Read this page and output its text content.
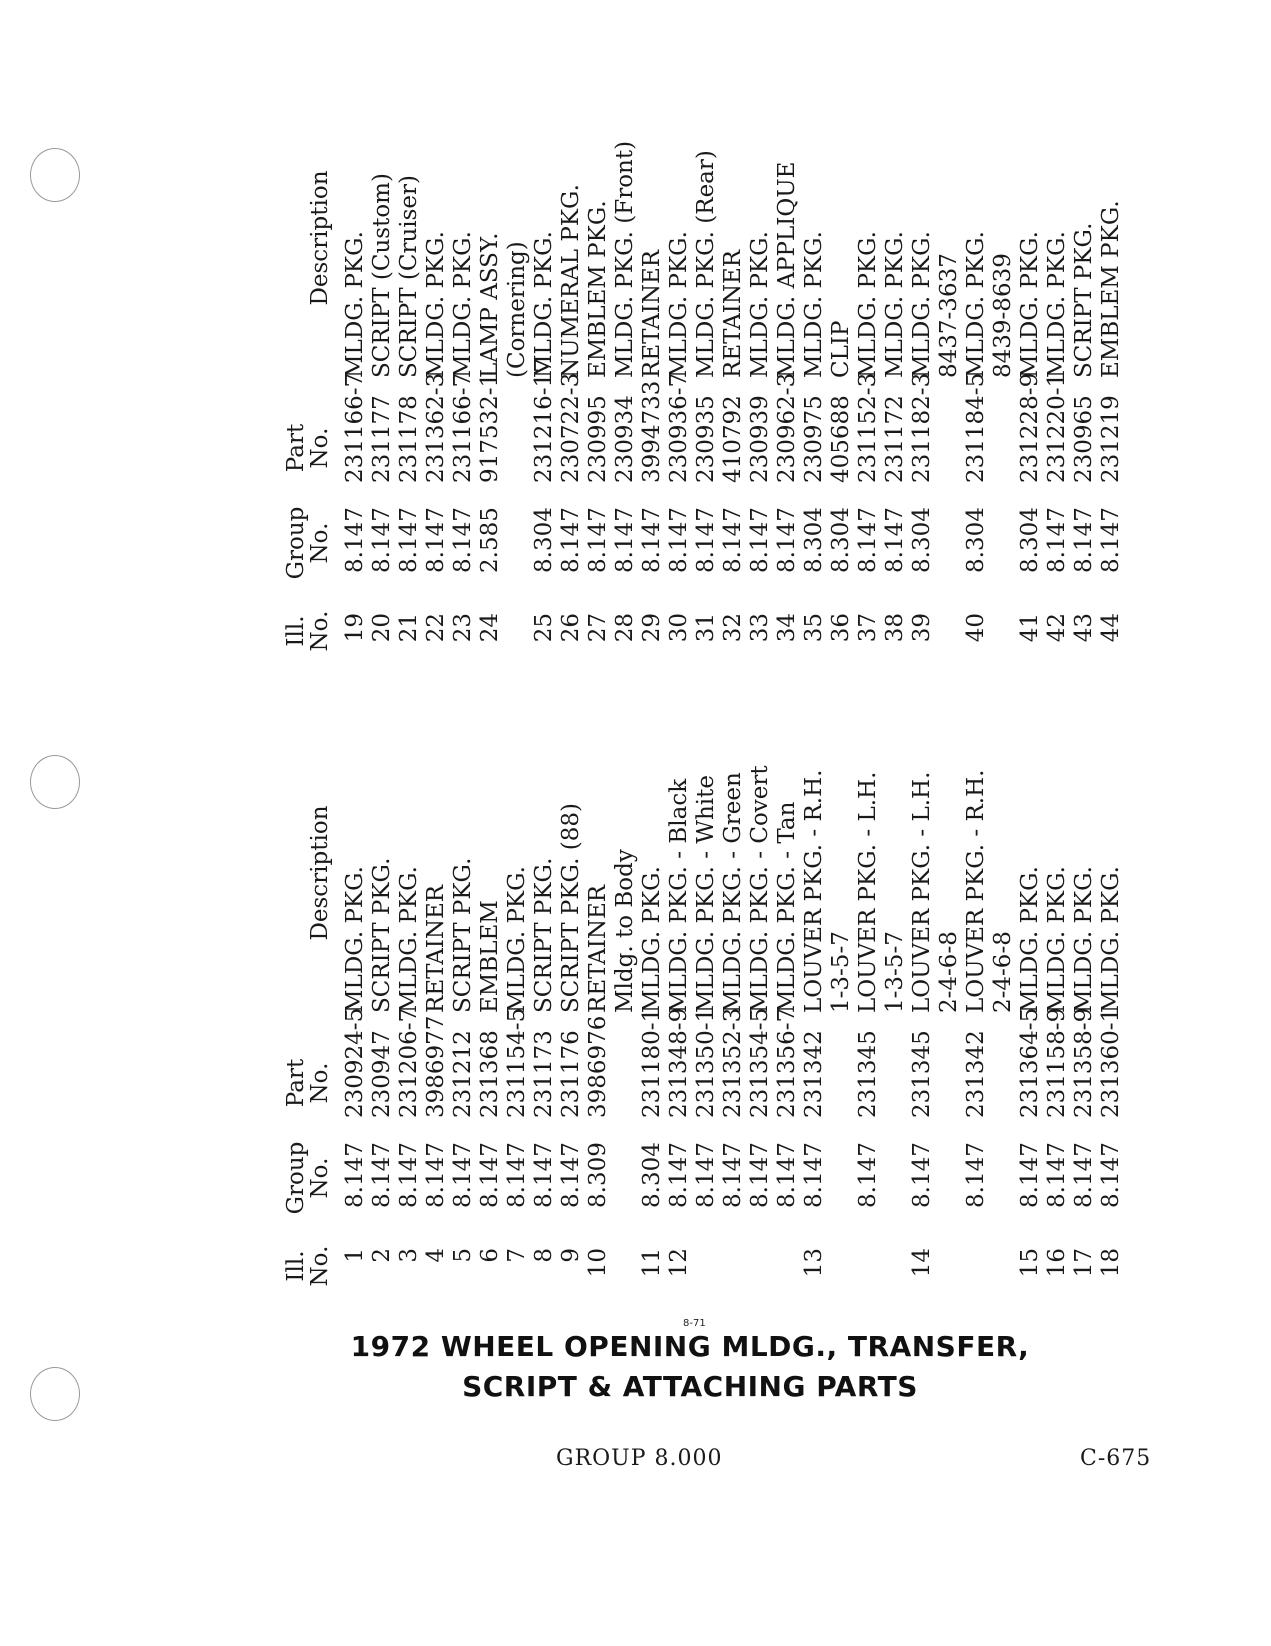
Ill.
No.
Group
No.
Part
No.
Description
1
8.147
230924-5
MLDG. PKG.
2
8.147
230947
SCRIPT PKG.
3
8.147
231206-7
MLDG. PKG.
4
8.147
3986977
RETAINER
5
8.147
231212
SCRIPT PKG.
6
8.147
231368
EMBLEM
7
8.147
231154-5
MLDG. PKG.
8
8.147
231173
SCRIPT PKG.
9
8.147
231176
SCRIPT PKG. (88)
10
8.309
3986976
RETAINER Mldg. to Body
11
8.304
231180-1
MLDG. PKG.
12
8.147
231348-9
MLDG. PKG. - Black
8.147
231350-1
MLDG. PKG. - White
8.147
231352-3
MLDG. PKG. - Green
8.147
231354-5
MLDG. PKG. - Covert
8.147
231356-7
MLDG. PKG. - Tan
13
8.147
231342
LOUVER PKG. - R.H. 1-3-5-7
8.147
231345
LOUVER PKG. - L.H. 1-3-5-7
14
8.147
231345
LOUVER PKG. - L.H. 2-4-6-8
8.147
231342
LOUVER PKG. - R.H. 2-4-6-8
15
8.147
231364-5
MLDG. PKG.
16
8.147
231158-9
MLDG. PKG.
17
8.147
231358-9
MLDG. PKG.
18
8.147
231360-1
MLDG. PKG.
Ill.
No.
Group
No.
Part
No.
Description
19
8.147
231166-7
MLDG. PKG.
20
8.147
231177
SCRIPT (Custom)
21
8.147
231178
SCRIPT (Cruiser)
22
8.147
231362-3
MLDG. PKG.
23
8.147
231166-7
MLDG. PKG.
24
2.585
917532-1
LAMP ASSY. (Cornering)
25
8.304
231216-17
MLDG. PKG.
26
8.147
230722-3
NUMERAL PKG.
27
8.147
230995
EMBLEM PKG.
28
8.147
230934
MLDG. PKG. (Front)
29
8.147
3994733
RETAINER
30
8.147
230936-7
MLDG. PKG.
31
8.147
230935
MLDG. PKG. (Rear)
32
8.147
410792
RETAINER
33
8.147
230939
MLDG. PKG.
34
8.147
230962-3
MLDG. APPLIQUE
35
8.304
230975
MLDG. PKG.
36
8.304
405688
CLIP
37
8.147
231152-3
MLDG. PKG.
38
8.147
231172
MLDG. PKG.
39
8.304
231182-3
MLDG. PKG. 8437-3637
40
8.304
231184-5
MLDG. PKG. 8439-8639
41
8.304
231228-9
MLDG. PKG.
42
8.147
231220-1
MLDG. PKG.
43
8.147
230965
SCRIPT PKG.
44
8.147
231219
EMBLEM PKG.
8-71
1972 WHEEL OPENING MLDG., TRANSFER,
SCRIPT & ATTACHING PARTS
GROUP 8.000	C-675
